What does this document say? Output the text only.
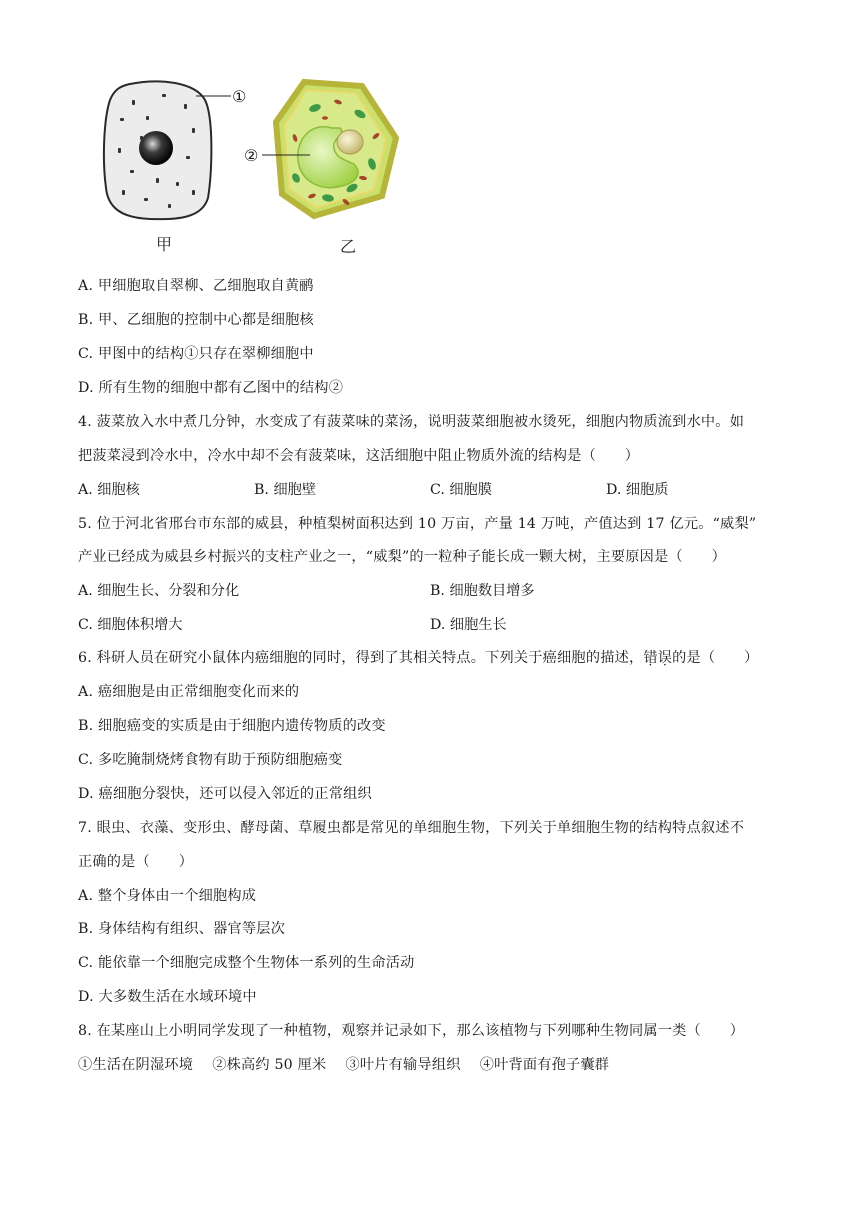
①
②
甲	乙
A. 甲细胞取自翠柳、乙细胞取自黄鹂
B. 甲、乙细胞的控制中心都是细胞核
C. 甲图中的结构①只存在翠柳细胞中
D. 所有生物的细胞中都有乙图中的结构②
4. 菠菜放入水中煮几分钟，水变成了有菠菜味的菜汤，说明菠菜细胞被水烫死，细胞内物质流到水中。如
把菠菜浸到冷水中，冷水中却不会有菠菜味，这活细胞中阻止物质外流的结构是（　　）
A. 细胞核	B. 细胞壁	C. 细胞膜	D. 细胞质
5. 位于河北省邢台市东部的威县，种植梨树面积达到 10 万亩，产量 14 万吨，产值达到 17 亿元。“威梨”
产业已经成为威县乡村振兴的支柱产业之一，“威梨”的一粒种子能长成一颗大树，主要原因是（　　）
A. 细胞生长、分裂和分化	B. 细胞数目增多
C. 细胞体积增大	D. 细胞生长
6. 科研人员在研究小鼠体内癌细胞的同时，得到了其相关特点。下列关于癌细胞的描述，错误的是（　　）
A. 癌细胞是由正常细胞变化而来的
B. 细胞癌变的实质是由于细胞内遗传物质的改变
C. 多吃腌制烧烤食物有助于预防细胞癌变
D. 癌细胞分裂快，还可以侵入邻近的正常组织
7. 眼虫、衣藻、变形虫、酵母菌、草履虫都是常见的单细胞生物，下列关于单细胞生物的结构特点叙述不
正确的是（　　）
A. 整个身体由一个细胞构成
B. 身体结构有组织、器官等层次
C. 能依靠一个细胞完成整个生物体一系列的生命活动
D. 大多数生活在水域环境中
8. 在某座山上小明同学发现了一种植物，观察并记录如下，那么该植物与下列哪种生物同属一类（　　）
①生活在阴湿环境　 ②株高约 50 厘米　 ③叶片有输导组织　 ④叶背面有孢子囊群
